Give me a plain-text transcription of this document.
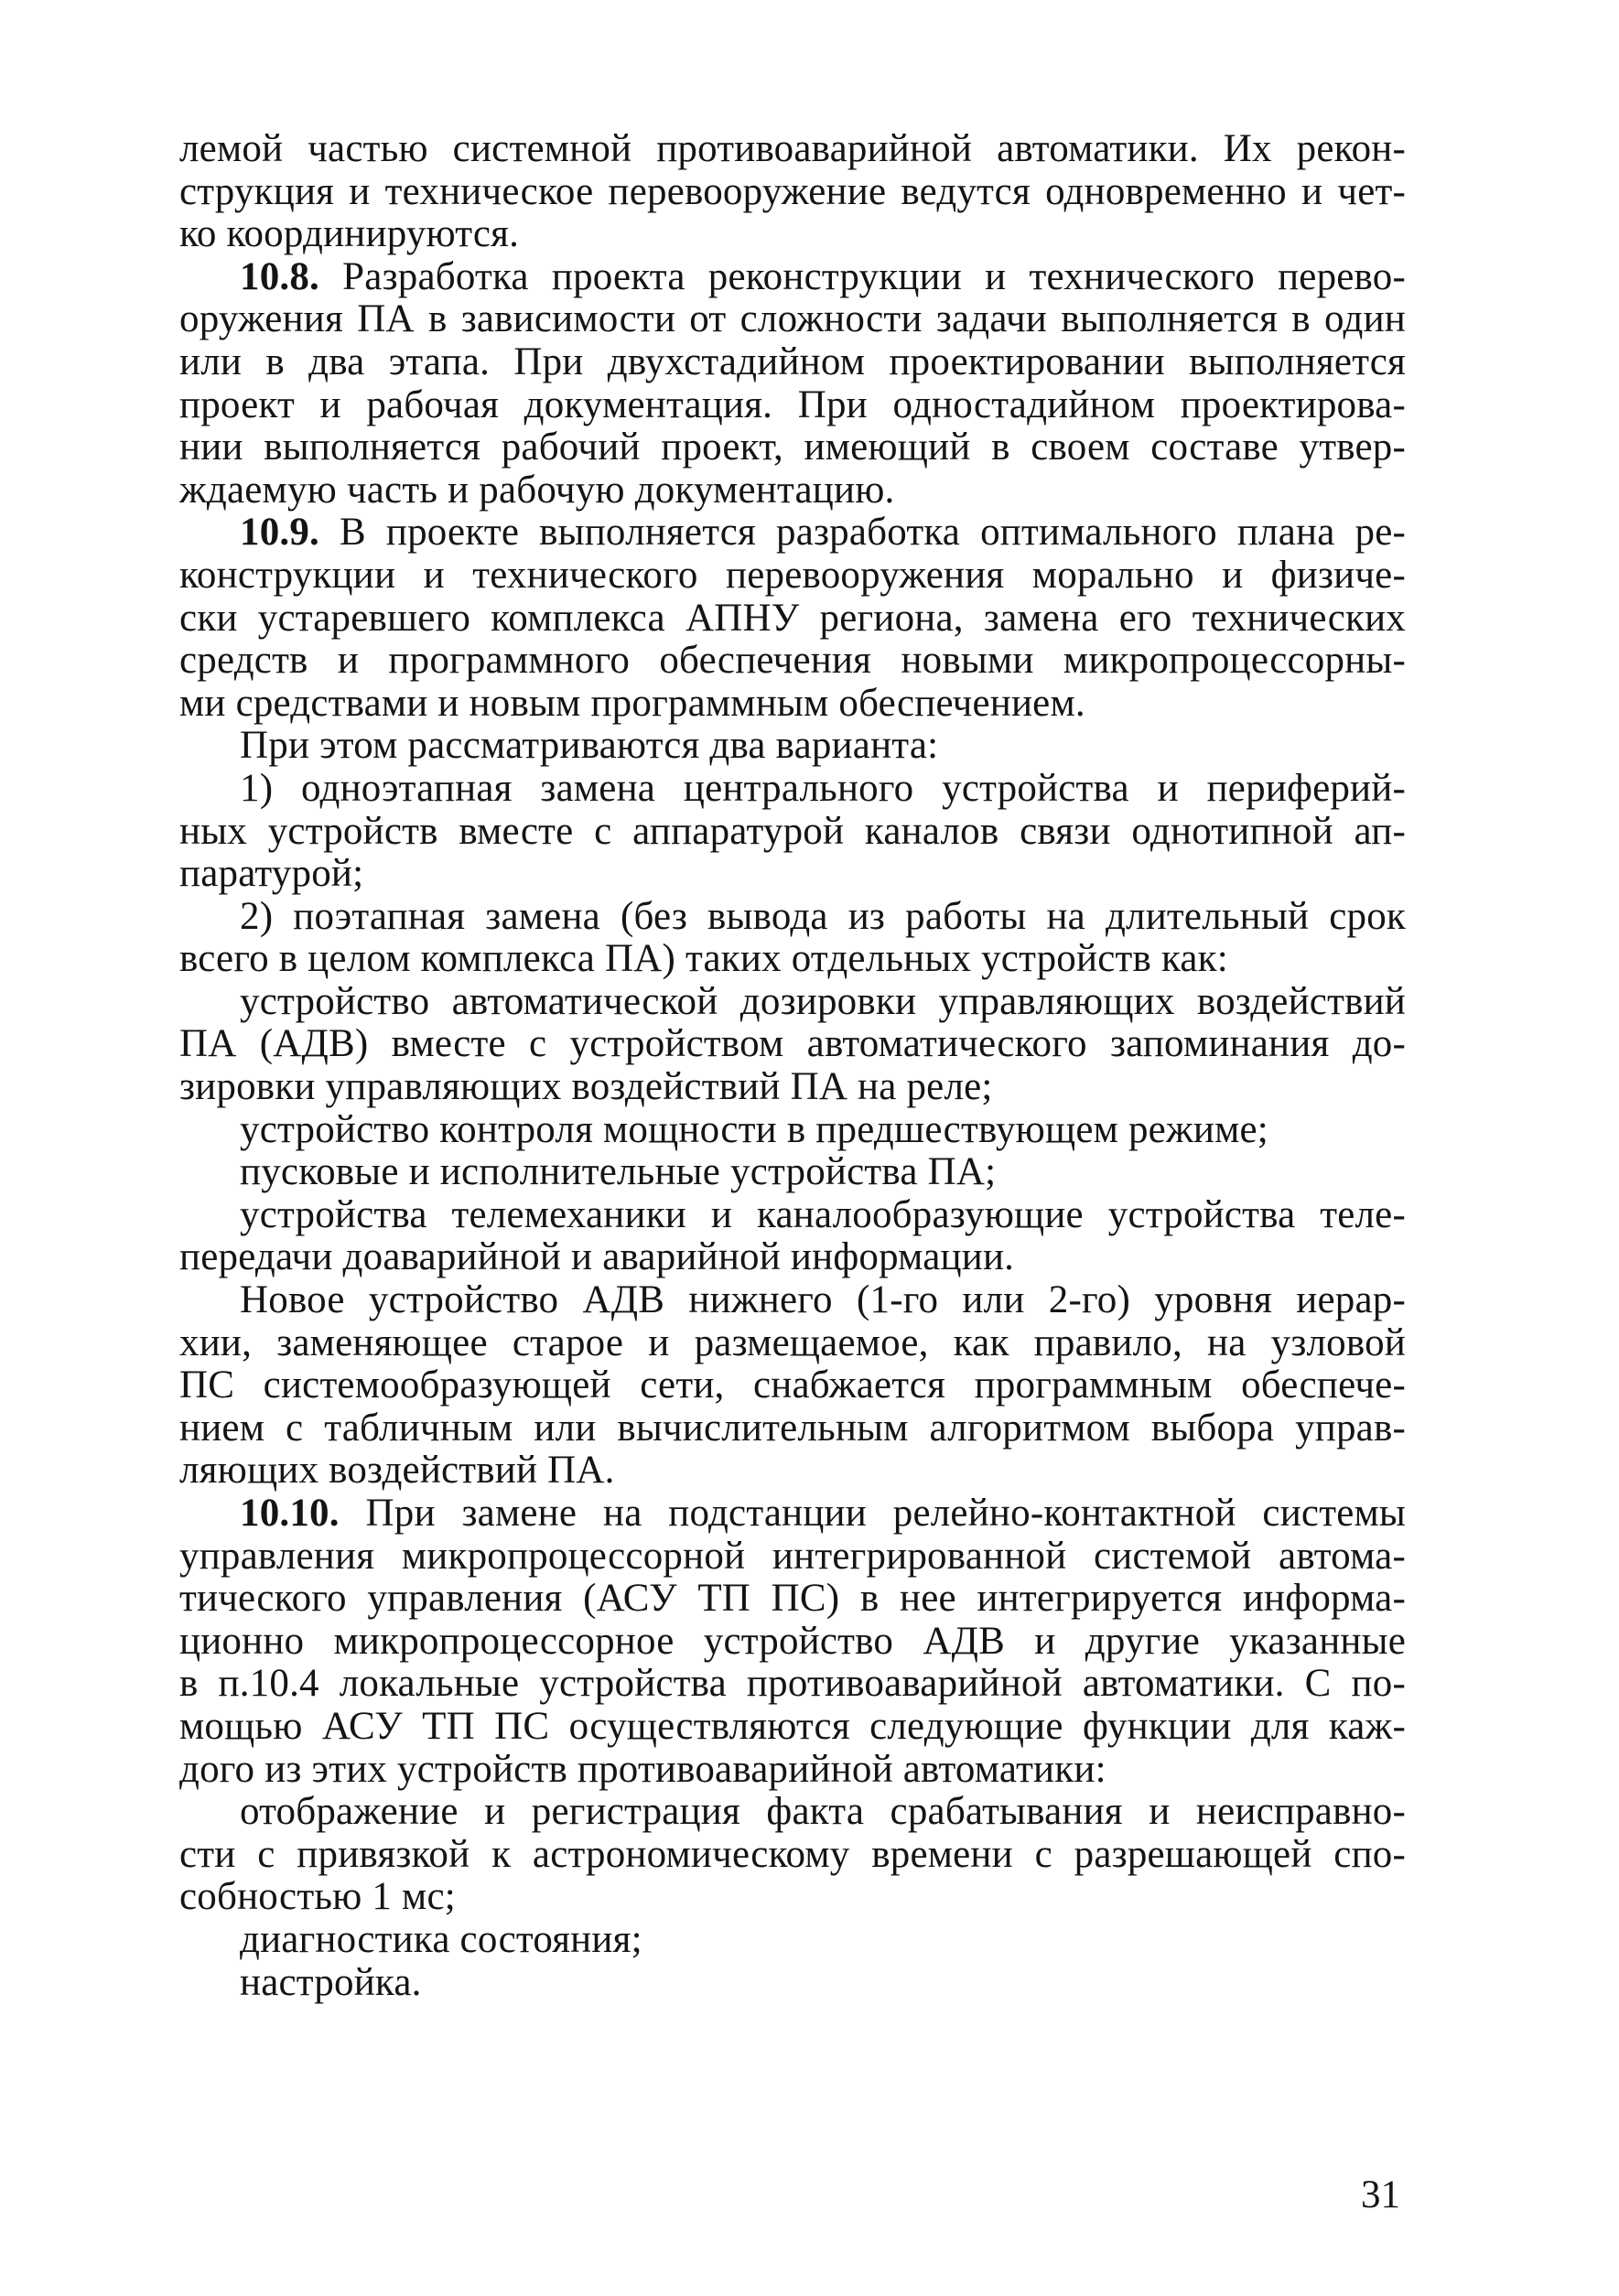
лемой частью системной противоаварийной автоматики. Их рекон-
струкция и техническое перевооружение ведутся одновременно и чет-
ко координируются.
10.8. Разработка проекта реконструкции и технического перево-
оружения ПА в зависимости от сложности задачи выполняется в один
или в два этапа. При двухстадийном проектировании выполняется
проект и рабочая документация. При одностадийном проектирова-
нии выполняется рабочий проект, имеющий в своем составе утвер-
ждаемую часть и рабочую документацию.
10.9. В проекте выполняется разработка оптимального плана ре-
конструкции и технического перевооружения морально и физиче-
ски устаревшего комплекса АПНУ региона, замена его технических
средств и программного обеспечения новыми микропроцессорны-
ми средствами и новым программным обеспечением.
При этом рассматриваются два варианта:
1) одноэтапная замена центрального устройства и периферий-
ных устройств вместе с аппаратурой каналов связи однотипной ап-
паратурой;
2) поэтапная замена (без вывода из работы на длительный срок
всего в целом комплекса ПА) таких отдельных устройств как:
устройство автоматической дозировки управляющих воздействий
ПА (АДВ) вместе с устройством автоматического запоминания до-
зировки управляющих воздействий ПА на реле;
устройство контроля мощности в предшествующем режиме;
пусковые и исполнительные устройства ПА;
устройства телемеханики и каналообразующие устройства теле-
передачи доаварийной и аварийной информации.
Новое устройство АДВ нижнего (1-го или 2-го) уровня иерар-
хии, заменяющее старое и размещаемое, как правило, на узловой
ПС системообразующей сети, снабжается программным обеспече-
нием с табличным или вычислительным алгоритмом выбора управ-
ляющих воздействий ПА.
10.10. При замене на подстанции релейно-контактной системы
управления микропроцессорной интегрированной системой автома-
тического управления (АСУ ТП ПС) в нее интегрируется информа-
ционно микропроцессорное устройство АДВ и другие указанные
в п.10.4 локальные устройства противоаварийной автоматики. С по-
мощью АСУ ТП ПС осуществляются следующие функции для каж-
дого из этих устройств противоаварийной автоматики:
отображение и регистрация факта срабатывания и неисправно-
сти с привязкой к астрономическому времени с разрешающей спо-
собностью 1 мс;
диагностика состояния;
настройка.
31
